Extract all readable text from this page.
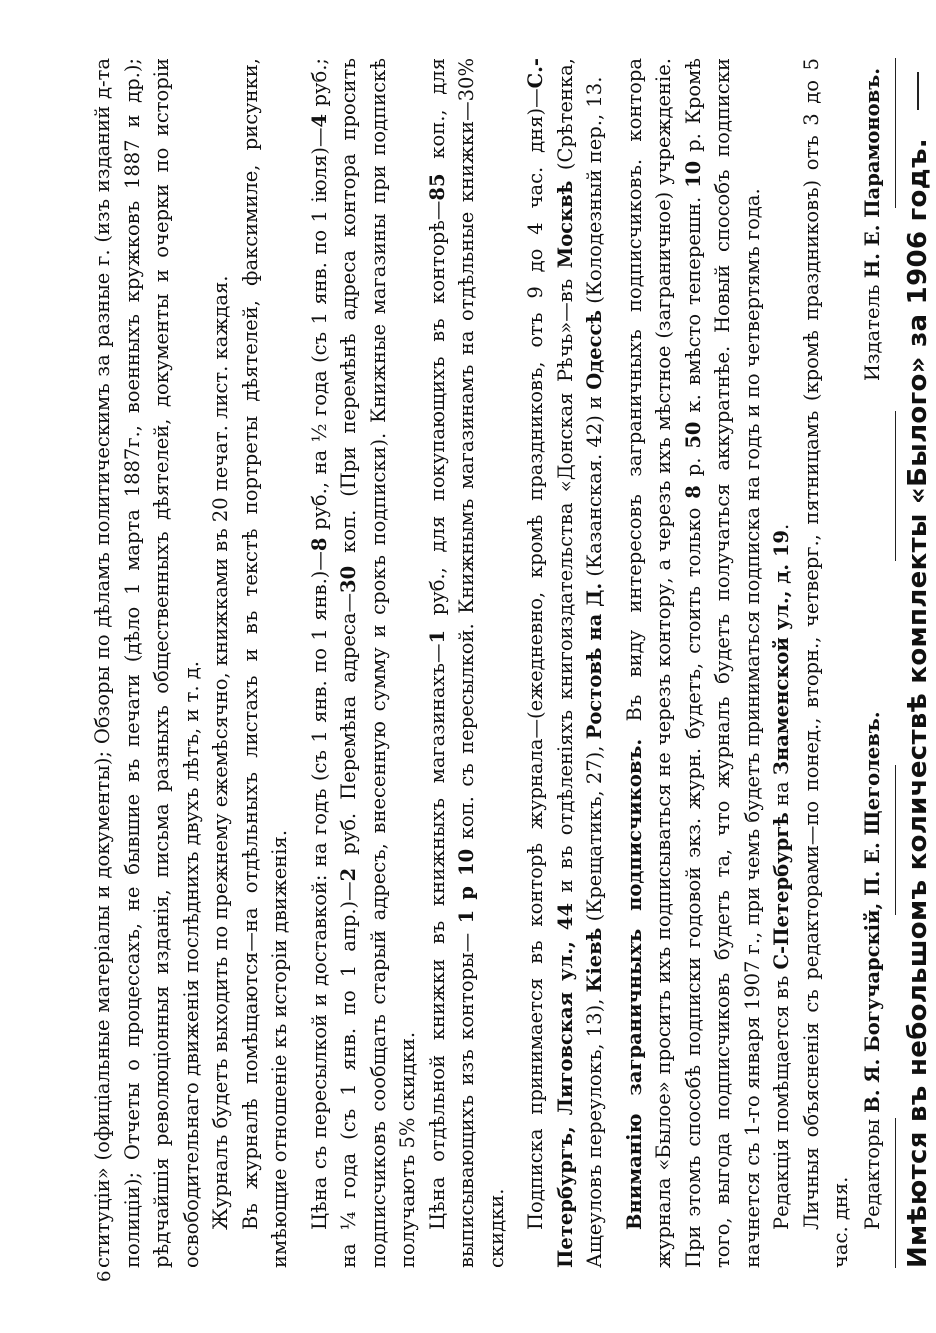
6

ституціи» (офиціальные матеріалы и документы); Обзоры по дѣламъ политическимъ за разные г. (изъ изданий д-та полиціи); Отчеты о процессахъ, не бывшие въ печати (дѣло 1 марта 1887г., военныхъ кружковъ 1887 и др.); рѣдчайшія революціонныя изданія, письма разныхъ общественныхъ дѣятелей, документы и очерки по исторіи освободительнаго движенія послѣднихъ двухъ лѣтъ, и т. д. Журналъ будетъ выходить по прежнему ежемѣсячно, книжками въ 20 печат. лист. каждая. Въ журналѣ помѣщаются—на отдѣльныхъ листахъ и въ текстѣ портреты дѣятелей, факсимиле, рисунки, имѣющие отношеніе къ исторіи движенія. Цѣна съ пересылкой и доставкой: на годъ (съ 1 янв. по 1 янв.)—8 руб., на ½ года (съ 1 янв. по 1 іюля)—4 руб.; на ¼ года (съ 1 янв. по 1 апр.)—2 руб. Перемѣна адреса—30 коп. (При перемѣнѣ адреса контора просить подписчиковъ сообщать старый адресъ, внесенную сумму и срокъ подписки). Книжные магазины при подпискѣ получаютъ 5% скидки. Цѣна отдѣльной книжки въ книжныхъ магазинахъ—1 руб., для покупающихъ въ конторѣ—85 коп., для выписывающихъ изъ конторы— 1 р 10 коп. съ пересылкой. Книжнымъ магазинамъ на отдѣльные книжки—30% скидки. Подписка принимается въ конторѣ журнала—(ежедневно, кромѣ праздниковъ, отъ 9 до 4 час. дня)—С.-Петербургъ, Лиговская ул., 44 и въ отдѣленіяхъ книгоиздательства «Донская Рѣчь»—въ Москвѣ (Срѣтенка, Ащеуловъ переулокъ, 13), Кіевѣ (Крещатикъ, 27), Ростовѣ на Д. (Казанская. 42) и Одессѣ (Колодезный пер., 13.

Вниманію заграничныхъ подписчиковъ. Въ виду интересовъ заграничныхъ подписчиковъ. контора журнала «Былое» проситъ ихъ подписываться не черезъ контору, а черезъ ихъ мѣстное (заграничное) учрежденіе. При этомъ способѣ подписки годовой экз. журн. будетъ, стоить только 8 р. 50 к. вмѣсто теперешн. 10 р. Кромѣ того, выгода подписчиковъ будетъ та, что журналъ будетъ получаться аккуратнѣе. Новый способъ подписки начнется съ 1-го января 1907 г., при чемъ будетъ приниматься подписка на годъ и по четвертямъ года. Редакція помѣщается въ С-Петербургѣ на Знаменской ул., д. 19. Личныя объясненія съ редакторами—по понед., вторн., четверг., пятницамъ (кромѣ праздниковъ) отъ 3 до 5 час. дня. Редакторы В. Я. Богучарскій, П. Е. Щеголевъ.
Издатель Н. Е. Парамоновъ. Имѣются въ небольшомъ количествѣ комплекты «Былого» за 1906 годъ.
